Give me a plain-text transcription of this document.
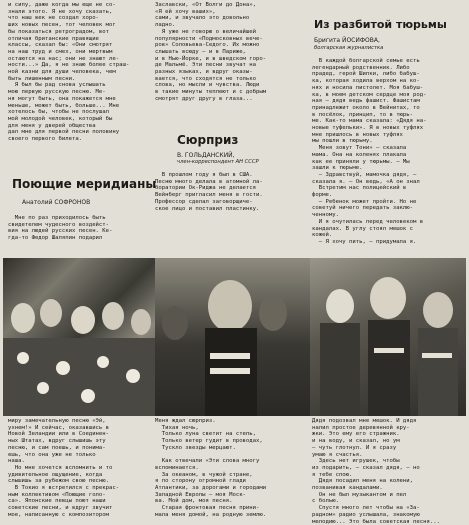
и сипу, даже когда мы еще не со-
знали этого. Я не хочу сказать,
что наш век не создал хоро-
ших новых песен, тот человек мог
бы показаться ретроградом, вот
отличая британские правящие
классы, сказал бы: «Они смотрят
на наш труд и смех, они мертвым
остаются на нас; они не знают ле-
ности...» Да, я не знаю более страш-
ной казни для души человека, чем
быть лишенным песни.
Я был бы рад снова услышать
мою первую русскую песню. Ме-
ня могут быть, она покажется мне
меньше, может быть, больше... Мне
хотелось бы, чтобы не послушал
мой молодой человек, который бы
для меня у дверей общества
дал мне для первой песни половину
своего первого билета.
Поющие меридианы
Анатолий СОФРОНОВ
Мне по раз приходилось быть
свидетелем чудесного воздейст-
вия на людей русских песен. Ке-
гда-то Федор Шаляпин подарил
Заславски, «От Волги до Дона»,
«Я ей хочу ваших»,
сами, и звучало это довольно
ладно.
Я уже не говорю о величайшей
популярности «Подмосковных вече-
ров» Соловьева-Седого. Их можно
слышать всюду — и в Париже,
и в Нью-Йорке, и в шведском горо-
де Мальмё. Эти песни звучат на
разных языках, и вдруг оказы-
вается, что сходятся не только
слова, но мысли и чувства. Люди
в такие минуты теплеют и с добрым
смотрят друг другу в глаза...
Сюрприз
В. ГОЛЬДАНСКИЙ,
член-корреспондент АН СССР
В прошлом году я был в США.
Песню много делала в атомной ла-
боратории Ок-Риджа не делается
Вейнберг пригласил меня в гости.
Профессор сделал заговорщиче-
ское лицо и поставил пластинку.
Из разбитой тюрьмы
Бригита ЙОСИФОВА,
болгарская журналистка
В каждой болгарской семье есть
легендарный родственник. Либо
прадед, герой Шипки, либо бабуш-
ка, которая ходила верхом на ко-
нях и носила пистолет. Моя бабуш-
ка, в моем детском сердце моя род-
ная — дядя ведь фашист. Фашистам
принадлежит около в Вейнитах, то
в посёлок, принцип, то в тюрь-
ме. Как-то мама сказала: «Дядя на-
новые туфельки». Я в новых туфлях
мне пришлось в новых туфлях
мы пошли в тюрьму.
Меня зовут Тони» — сказала
мама. Она на коленях плакала
как ее приняли у тюрьмы. — Мы
зашли к тюрьме.
— Здравствуй, мамочка дядя, —
сказала я. — Он ведь, «А он знал
Встретим нас полицейский в
форме.
— Ребенок может пройти. Но не
советуй ничего передать заклю-
ченному.
И я очутилась перед человеком в
кандалах. В углу стоял мешок с
кожей.
— Я хочу пить, — придумала я.
миру замечательную песню «Эй,
ухнем!» И сейчас, оказавшись в
Новой Зеландии или в Соединен-
ных Штатах, вдруг слышишь эту
песню, и сам поешь, и понима-
ешь, что она уже не только
наша.
Но мне хочется вспомнить и то
удивительное ощущение, когда
слышишь за рубежом свою песню.
В Токио я встретился с прекрас-
ным коллективом «Поющие голо-
са». Японские певцы поют наши
советские песни, и вдруг звучит
мое, написанную с композитором
Меня ждал сюрприз.
Тихая ночь,
Только луна светит на степь,
Только ветер гудит в проводах,
Тускло звезды мерцают.

Как отвечали «Эти слова многу
вспоминается.
За океаном, в чужой стране,
я по сторону огромной глади
Атлантики, за дорогами и городами
Западной Европы — моя Моск-
ва. Мой дом, моя песня.
Старая фронтовая песня прини-
мала меня домой, на родную землю.
Дядя подозвал мне мешок. И дядя
налил простое деревянной кру-
жки. Это ему его стражник.
и на воду, и сказал, но ум
— чуть глотнул. И я сразу
умаю я счастья.
Здесь нет игрушек, чтобы
из подарить, — сказал дядя, — но
я тебе спою.
Дядя посадил меня на колени,
позванивая кандалами.
Он не был музыкантом и пел
с болью.
Спустя много лет чтобы на «За-
радном» радио услышала, знакомую
мелодию... Это была советская песня...
